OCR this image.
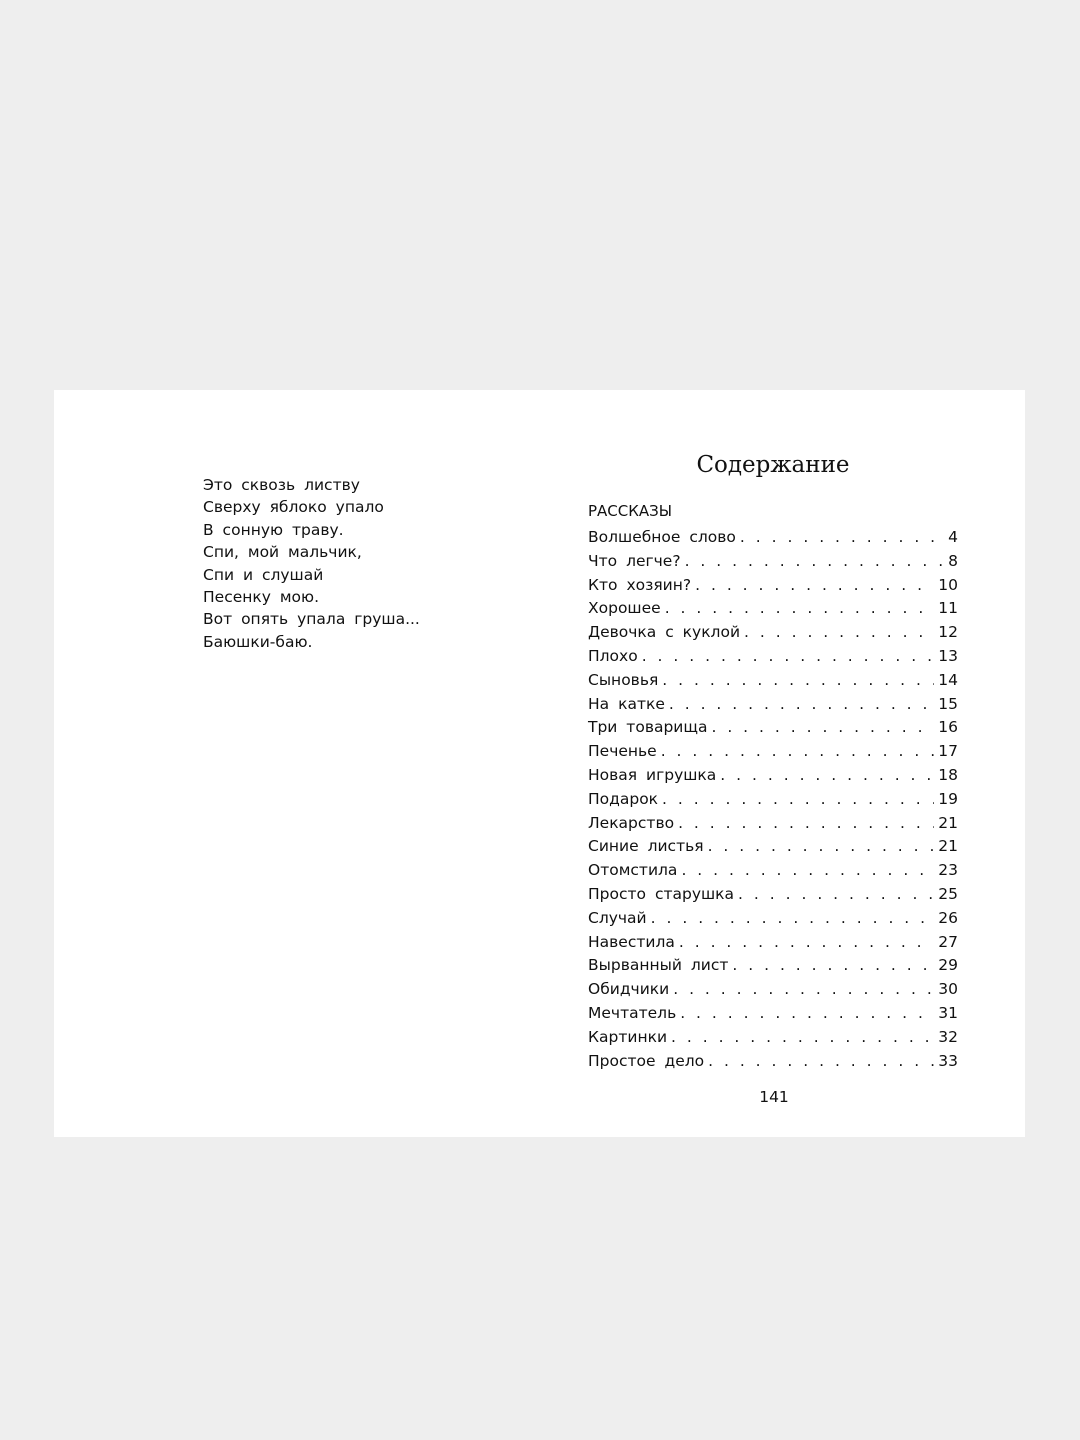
Это сквозь листву
Сверху яблоко упало
В сонную траву.
Спи, мой мальчик,
Спи и слушай
Песенку мою.
Вот опять упала груша...
Баюшки-баю.
Содержание
РАССКАЗЫ
Волшебное слово . . .	4
Что легче? . . .	8
Кто хозяин? . . .	10
Хорошее . . .	11
Девочка с куклой . . .	12
Плохо . . .	13
Сыновья . . .	14
На катке . . .	15
Три товарища . . .	16
Печенье . . .	17
Новая игрушка . . .	18
Подарок . . .	19
Лекарство . . .	21
Синие листья . . .	21
Отомстила . . .	23
Просто старушка . . .	25
Случай . . .	26
Навестила . . .	27
Вырванный лист . . .	29
Обидчики . . .	30
Мечтатель . . .	31
Картинки . . .	32
Простое дело . . .	33
141
